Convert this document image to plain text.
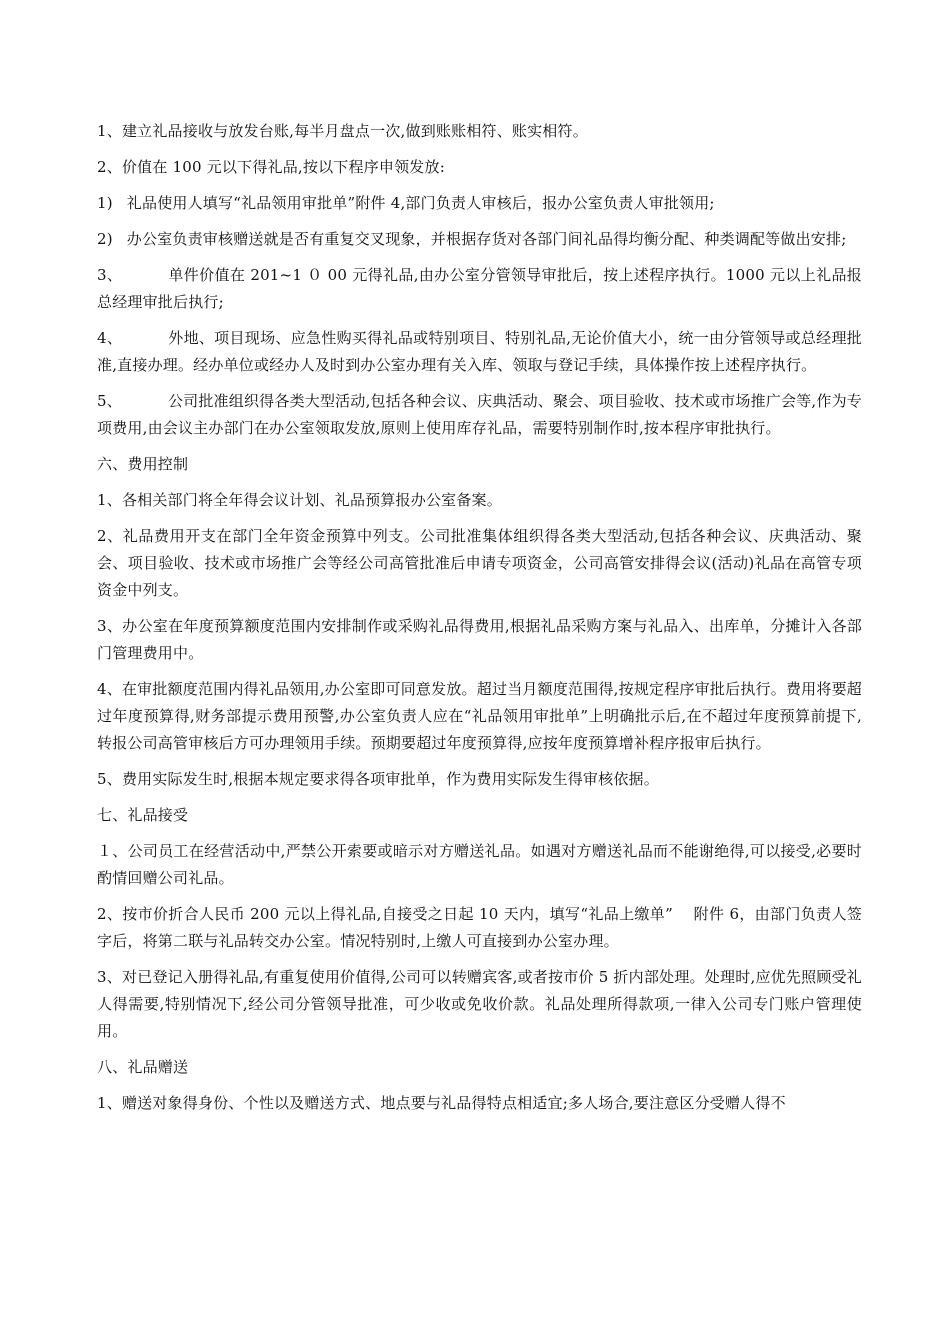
1、建立礼品接收与放发台账,每半月盘点一次,做到账账相符、账实相符。

2、价值在 100 元以下得礼品,按以下程序申领发放:

1) 礼品使用人填写“礼品领用审批单”附件 4,部门负责人审核后，报办公室负责人审批领用;

2) 办公室负责审核赠送就是否有重复交叉现象，并根据存货对各部门间礼品得均衡分配、种类调配等做出安排;

3、	单件价值在 201~1 ０ 00 元得礼品,由办公室分管领导审批后，按上述程序执行。1000 元以上礼品报总经理审批后执行;

4、	外地、项目现场、应急性购买得礼品或特别项目、特别礼品,无论价值大小，统一由分管领导或总经理批准,直接办理。经办单位或经办人及时到办公室办理有关入库、领取与登记手续，具体操作按上述程序执行。

5、	公司批准组织得各类大型活动,包括各种会议、庆典活动、聚会、项目验收、技术或市场推广会等,作为专项费用,由会议主办部门在办公室领取发放,原则上使用库存礼品，需要特别制作时,按本程序审批执行。

六、费用控制

1、各相关部门将全年得会议计划、礼品预算报办公室备案。

2、礼品费用开支在部门全年资金预算中列支。公司批准集体组织得各类大型活动,包括各种会议、庆典活动、聚会、项目验收、技术或市场推广会等经公司高管批准后申请专项资金，公司高管安排得会议(活动)礼品在高管专项资金中列支。

3、办公室在年度预算额度范围内安排制作或采购礼品得费用,根据礼品采购方案与礼品入、出库单，分摊计入各部门管理费用中。

4、在审批额度范围内得礼品领用,办公室即可同意发放。超过当月额度范围得,按规定程序审批后执行。费用将要超过年度预算得,财务部提示费用预警,办公室负责人应在“礼品领用审批单”上明确批示后,在不超过年度预算前提下,转报公司高管审核后方可办理领用手续。预期要超过年度预算得,应按年度预算增补程序报审后执行。

5、费用实际发生时,根据本规定要求得各项审批单，作为费用实际发生得审核依据。

七、礼品接受

１、公司员工在经营活动中,严禁公开索要或暗示对方赠送礼品。如遇对方赠送礼品而不能谢绝得,可以接受,必要时酌情回赠公司礼品。

2、按市价折合人民币 200 元以上得礼品,自接受之日起 10 天内，填写“礼品上缴单”　 附件 6，由部门负责人签字后，将第二联与礼品转交办公室。情况特别时,上缴人可直接到办公室办理。

3、对已登记入册得礼品,有重复使用价值得,公司可以转赠宾客,或者按市价 5 折内部处理。处理时,应优先照顾受礼人得需要,特别情况下,经公司分管领导批准，可少收或免收价款。礼品处理所得款项,一律入公司专门账户管理使用。

八、礼品赠送

1、赠送对象得身份、个性以及赠送方式、地点要与礼品得特点相适宜;多人场合,要注意区分受赠人得不
